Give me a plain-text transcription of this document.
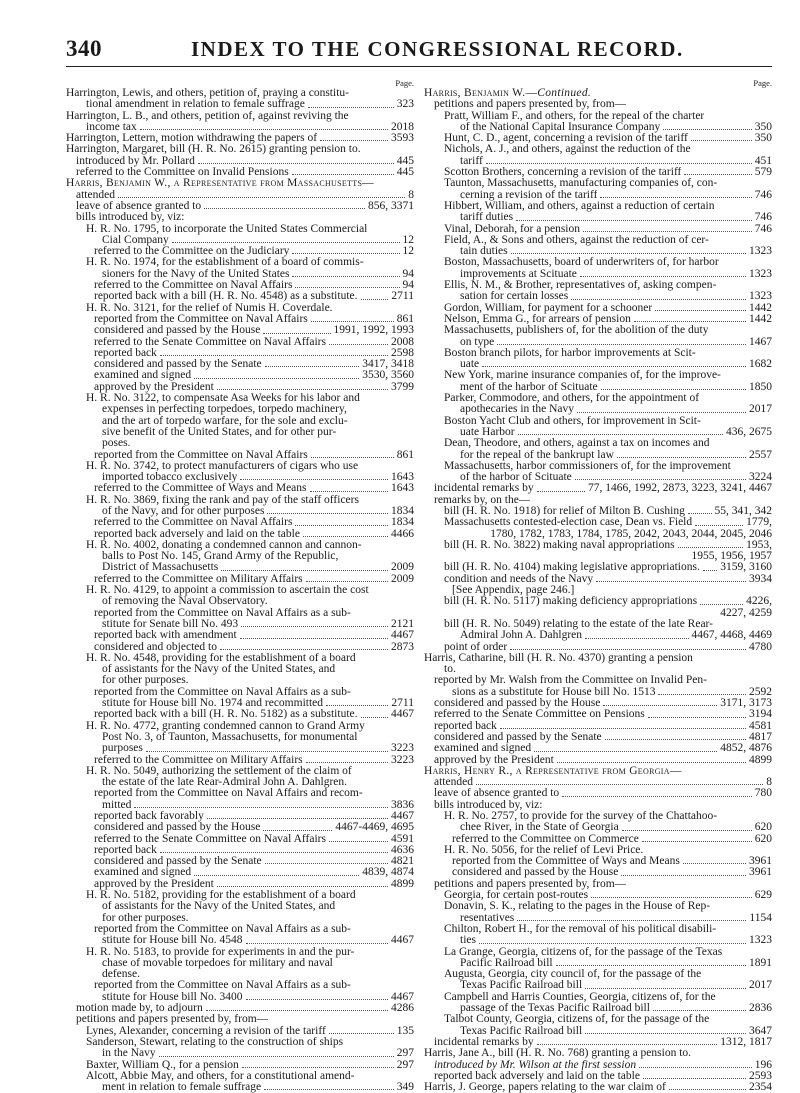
340	INDEX TO THE CONGRESSIONAL RECORD.
Page.
Harrington, Lewis, and others, petition of, praying a constitu-
tional amendment in relation to female suffrage	323
Harrington, L. B., and others, petition of, against reviving the
income tax	2018
Harrington, Lettern, motion withdrawing the papers of	3593
Harrington, Margaret, bill (H. R. No. 2615) granting pension to.
introduced by Mr. Pollard	445
referred to the Committee on Invalid Pensions	445
Harris, Benjamin W., a Representative from Massachusetts—
attended	8
leave of absence granted to	856, 3371
bills introduced by, viz:
H. R. No. 1795, to incorporate the United States Commercial
Cial Company	12
referred to the Committee on the Judiciary	12
H. R. No. 1974, for the establishment of a board of commis-
sioners for the Navy of the United States	94
referred to the Committee on Naval Affairs	94
reported back with a bill (H. R. No. 4548) as a substitute.	2711
H. R. No. 3121, for the relief of Numis H. Coverdale.
reported from the Committee on Naval Affairs	861
considered and passed by the House	1991, 1992, 1993
referred to the Senate Committee on Naval Affairs	2008
reported back	2598
considered and passed by the Senate	3417, 3418
examined and signed	3530, 3560
approved by the President	3799
H. R. No. 3122, to compensate Asa Weeks for his labor and
expenses in perfecting torpedoes, torpedo machinery,
and the art of torpedo warfare, for the sole and exclu-
sive benefit of the United States, and for other pur-
poses.
reported from the Committee on Naval Affairs	861
H. R. No. 3742, to protect manufacturers of cigars who use
imported tobacco exclusively	1643
referred to the Committee of Ways and Means	1643
H. R. No. 3869, fixing the rank and pay of the staff officers
of the Navy, and for other purposes	1834
referred to the Committee on Naval Affairs	1834
reported back adversely and laid on the table	4466
H. R. No. 4002, donating a condemned cannon and cannon-
balls to Post No. 145, Grand Army of the Republic,
District of Massachusetts	2009
referred to the Committee on Military Affairs	2009
H. R. No. 4129, to appoint a commission to ascertain the cost
of removing the Naval Observatory.
reported from the Committee on Naval Affairs as a sub-
stitute for Senate bill No. 493	2121
reported back with amendment	4467
considered and objected to	2873
H. R. No. 4548, providing for the establishment of a board
of assistants for the Navy of the United States, and
for other purposes.
reported from the Committee on Naval Affairs as a sub-
stitute for House bill No. 1974 and recommitted	2711
reported back with a bill (H. R. No. 5182) as a substitute.	4467
H. R. No. 4772, granting condemned cannon to Grand Army
Post No. 3, of Taunton, Massachusetts, for monumental
purposes	3223
referred to the Committee on Military Affairs	3223
H. R. No. 5049, authorizing the settlement of the claim of
the estate of the late Rear-Admiral John A. Dahlgren.
reported from the Committee on Naval Affairs and recom-
mitted	3836
reported back favorably	4467
considered and passed by the House	4467-4469, 4695
referred to the Senate Committee on Naval Affairs	4591
reported back	4636
considered and passed by the Senate	4821
examined and signed	4839, 4874
approved by the President	4899
H. R. No. 5182, providing for the establishment of a board
of assistants for the Navy of the United States, and
for other purposes.
reported from the Committee on Naval Affairs as a sub-
stitute for House bill No. 4548	4467
H. R. No. 5183, to provide for experiments in and the pur-
chase of movable torpedoes for military and naval
defense.
reported from the Committee on Naval Affairs as a sub-
stitute for House bill No. 3400	4467
motion made by, to adjourn	4286
petitions and papers presented by, from—
Lynes, Alexander, concerning a revision of the tariff	135
Sanderson, Stewart, relating to the construction of ships
in the Navy	297
Baxter, William Q., for a pension	297
Alcott, Abbie May, and others, for a constitutional amend-
ment in relation to female suffrage	349
Page.
Harris, Benjamin W.—Continued.
petitions and papers presented by, from—
Pratt, William F., and others, for the repeal of the charter
of the National Capital Insurance Company	350
Hunt, C. D., agent, concerning a revision of the tariff	350
Nichols, A. J., and others, against the reduction of the
tariff	451
Scotton Brothers, concerning a revision of the tariff	579
Taunton, Massachusetts, manufacturing companies of, con-
cerning a revision of the tariff	746
Hibbert, William, and others, against a reduction of certain
tariff duties	746
Vinal, Deborah, for a pension	746
Field, A., & Sons and others, against the reduction of cer-
tain duties	1323
Boston, Massachusetts, board of underwriters of, for harbor
improvements at Scituate	1323
Ellis, N. M., & Brother, representatives of, asking compen-
sation for certain losses	1323
Gordon, William, for payment for a schooner	1442
Nelson, Emma G., for arrears of pension	1442
Massachusetts, publishers of, for the abolition of the duty
on type	1467
Boston branch pilots, for harbor improvements at Scit-
uate	1682
New York, marine insurance companies of, for the improve-
ment of the harbor of Scituate	1850
Parker, Commodore, and others, for the appointment of
apothecaries in the Navy	2017
Boston Yacht Club and others, for improvement in Scit-
uate Harbor	436, 2675
Dean, Theodore, and others, against a tax on incomes and
for the repeal of the bankrupt law	2557
Massachusetts, harbor commissioners of, for the improvement
of the harbor of Scituate	3224
incidental remarks by	77, 1466, 1992, 2873, 3223, 3241, 4467
remarks by, on the—
bill (H. R. No. 1918) for relief of Milton B. Cushing	55, 341, 342
Massachusetts contested-election case, Dean vs. Field	1779,
1780, 1782, 1783, 1784, 1785, 2042, 2043, 2044, 2045, 2046
bill (H. R. No. 3822) making naval appropriations	1953,
1955, 1956, 1957
bill (H. R. No. 4104) making legislative appropriations. 3159, 3160
condition and needs of the Navy	3934
[See Appendix, page 246.]
bill (H. R. No. 5117) making deficiency appropriations	4226,
4227, 4259
bill (H. R. No. 5049) relating to the estate of the late Rear-
Admiral John A. Dahlgren	4467, 4468, 4469
point of order	4780
Harris, Catharine, bill (H. R. No. 4370) granting a pension
to.
reported by Mr. Walsh from the Committee on Invalid Pen-
sions as a substitute for House bill No. 1513	2592
considered and passed by the House	3171, 3173
referred to the Senate Committee on Pensions	3194
reported back	4581
considered and passed by the Senate	4817
examined and signed	4852, 4876
approved by the President	4899
Harris, Henry R., a Representative from Georgia—
attended	8
leave of absence granted to	780
bills introduced by, viz:
H. R. No. 2757, to provide for the survey of the Chattahoo-
chee River, in the State of Georgia	620
referred to the Committee on Commerce	620
H. R. No. 5056, for the relief of Levi Price.
reported from the Committee of Ways and Means	3961
considered and passed by the House	3961
petitions and papers presented by, from—
Georgia, for certain post-routes	629
Donavin, S. K., relating to the pages in the House of Rep-
resentatives	1154
Chilton, Robert H., for the removal of his political disabili-
ties	1323
La Grange, Georgia, citizens of, for the passage of the Texas
Pacific Railroad bill	1891
Augusta, Georgia, city council of, for the passage of the
Texas Pacific Railroad bill	2017
Campbell and Harris Counties, Georgia, citizens of, for the
passage of the Texas Pacific Railroad bill	2836
Talbot County, Georgia, citizens of, for the passage of the
Texas Pacific Railroad bill	3647
incidental remarks by	1312, 1817
Harris, Jane A., bill (H. R. No. 768) granting a pension to.
introduced by Mr. Wilson at the first session	196
reported back adversely and laid on the table	2593
Harris, J. George, papers relating to the war claim of	2354
